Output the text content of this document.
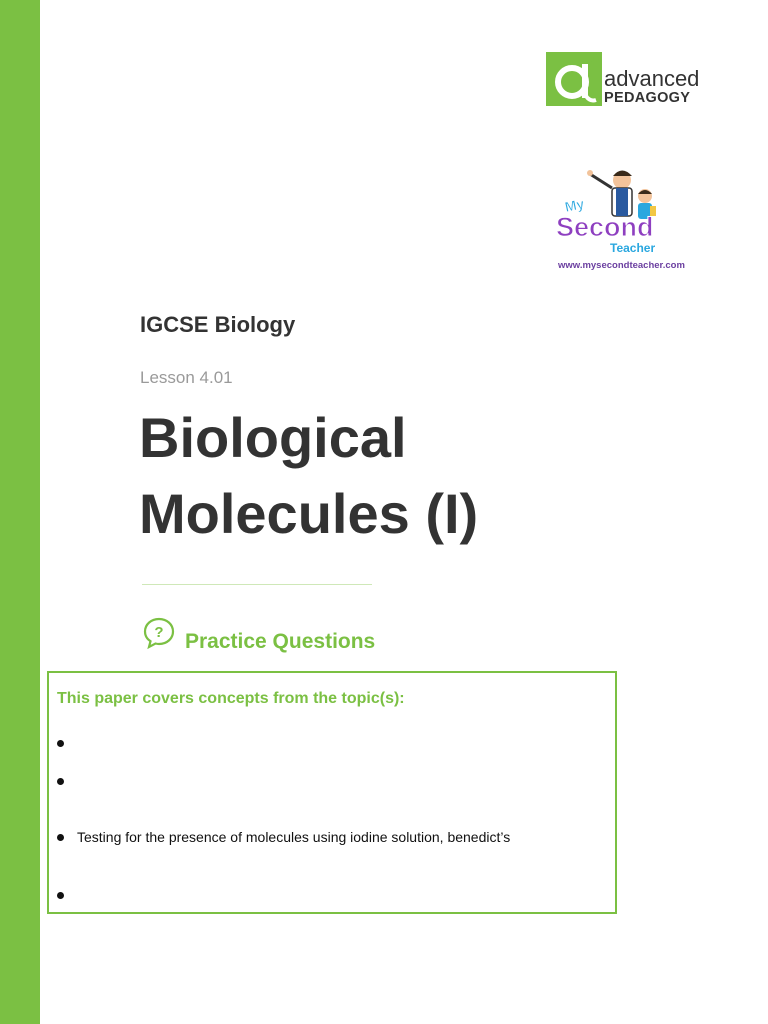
advanced
PEDAGOGY
My
Second
Teacher
www.mysecondteacher.com
IGCSE Biology
Lesson 4.01
Biological
Molecules (I)
? Practice Questions
This paper covers concepts from the topic(s):
Testing for the presence of molecules using iodine solution, benedict’s
